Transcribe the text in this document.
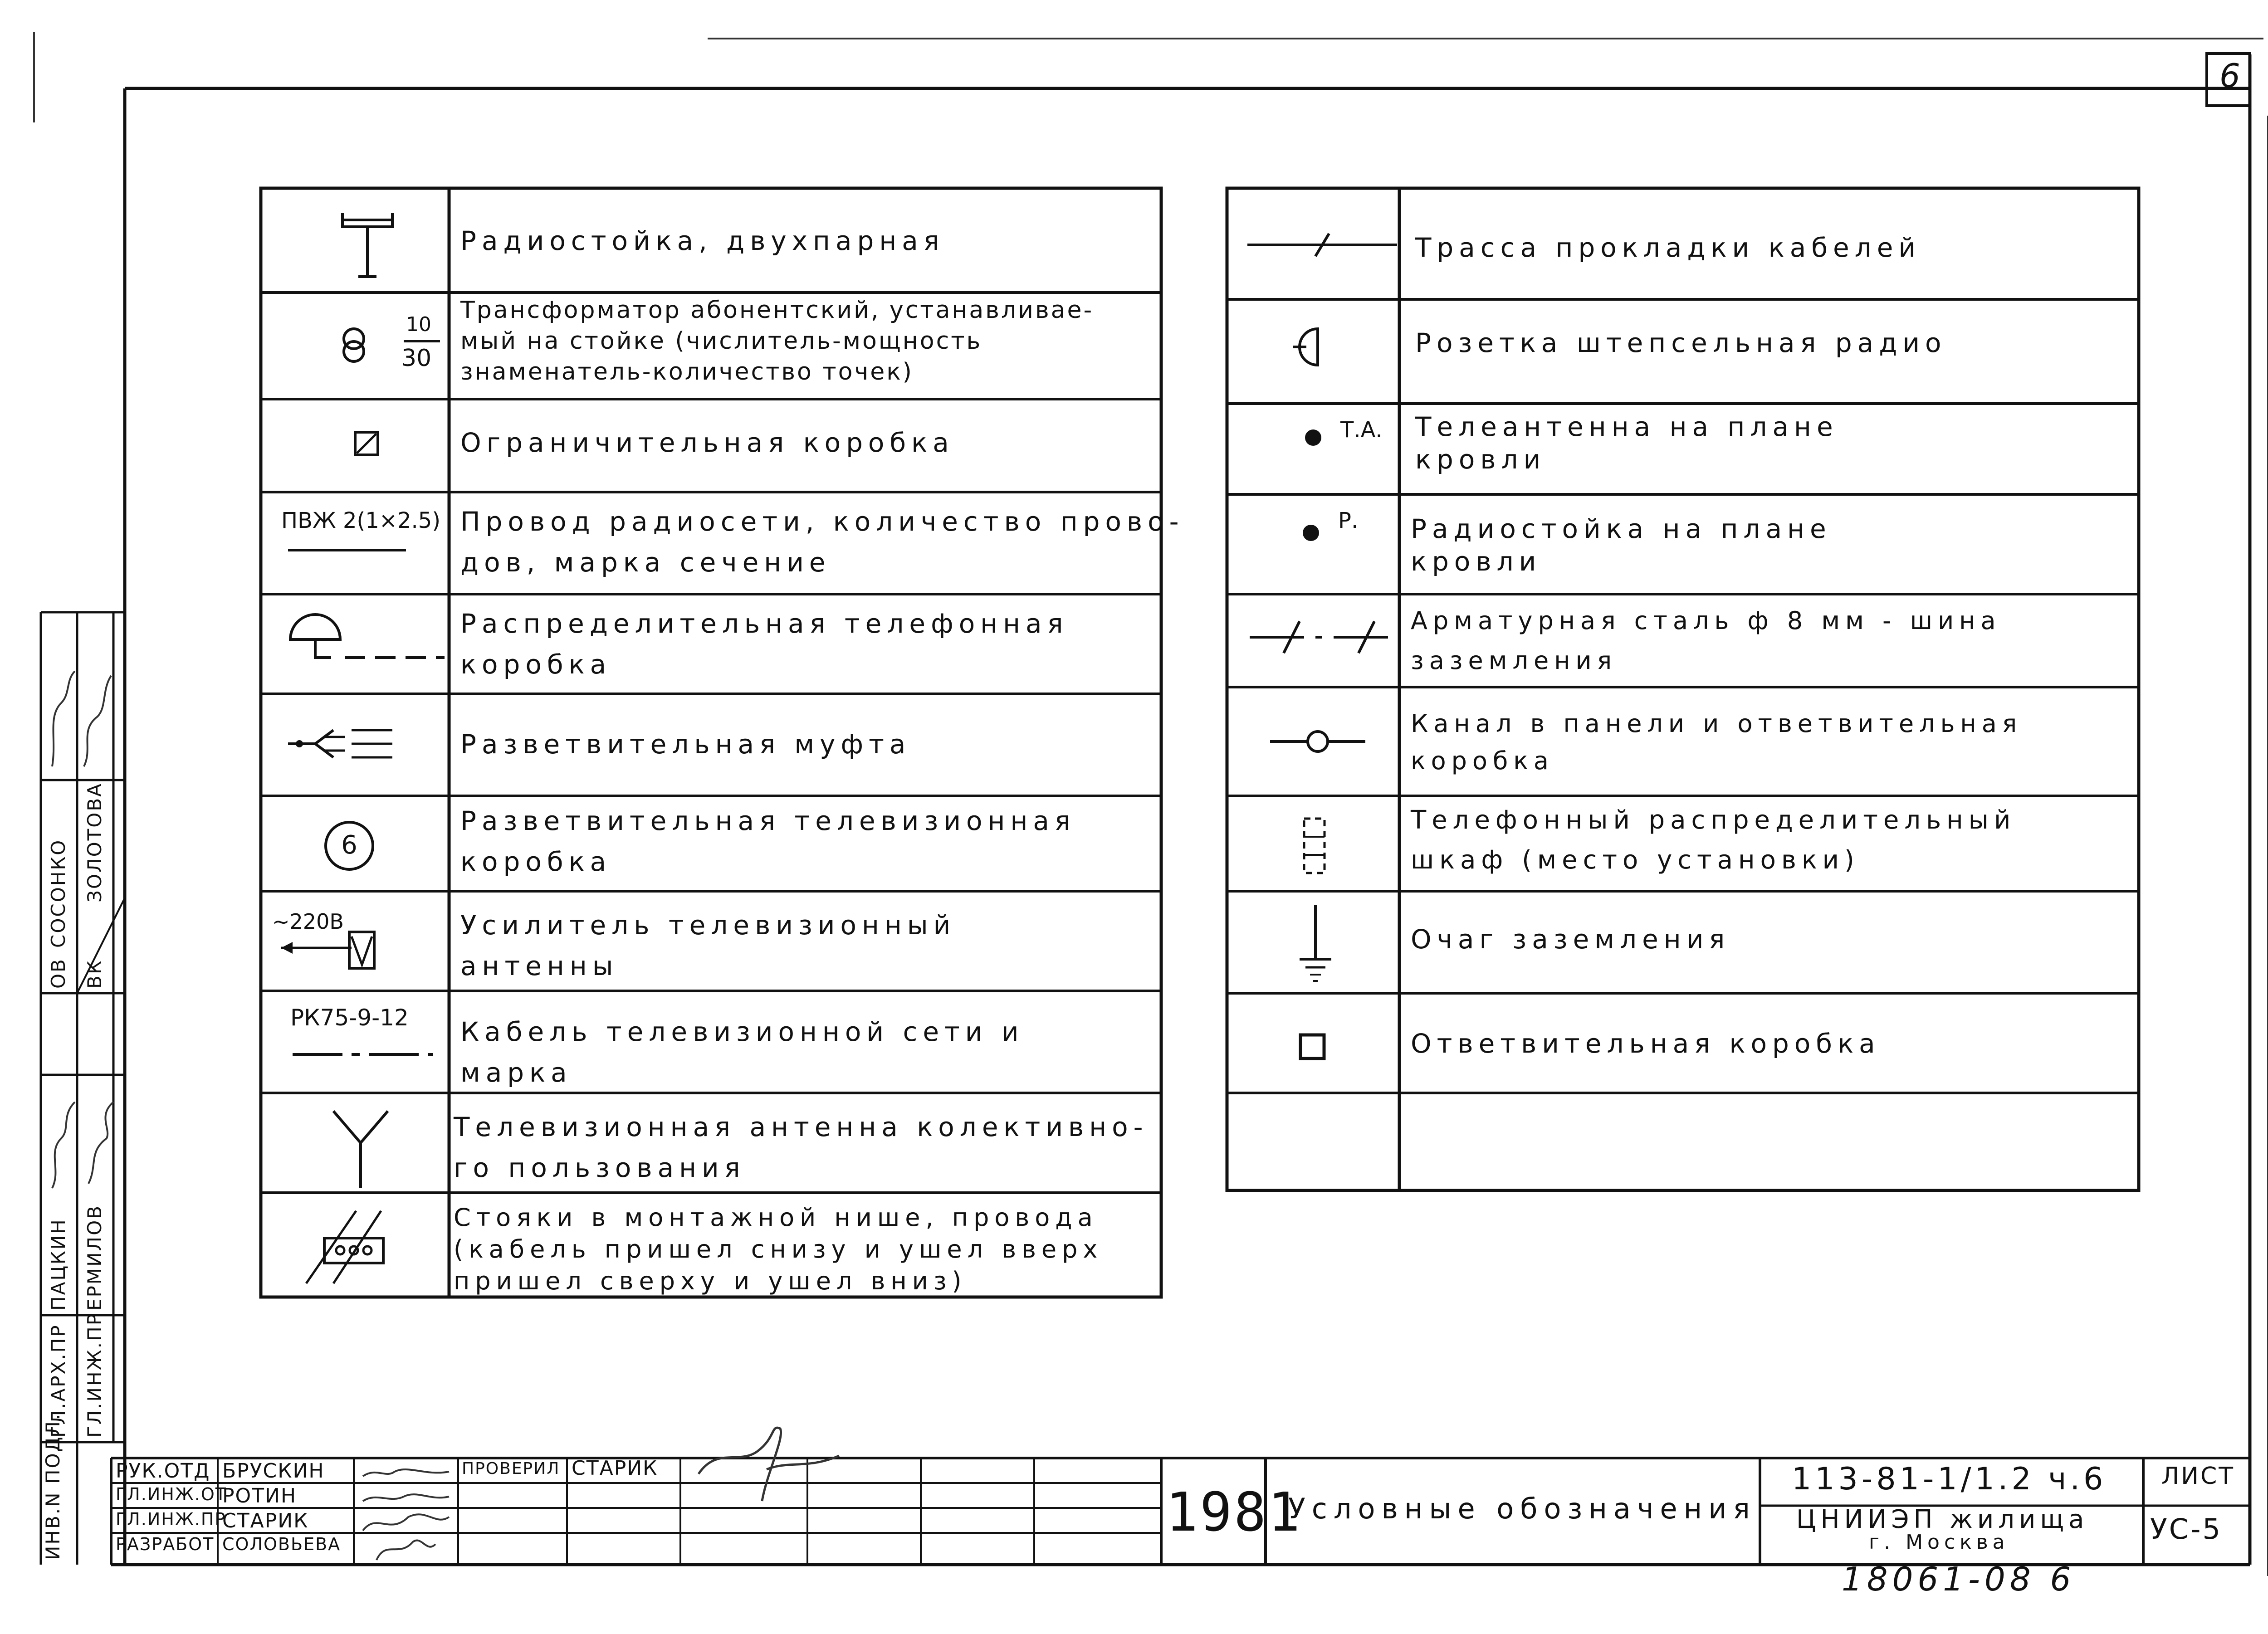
10
30
ПВЖ 2(1×2.5)
6
~220В
РК75-9-12
Радиостойка, двухпарная
Трансформатор абонентский, устанавливае-
мый на стойке (числитель-мощность
знаменатель-количество точек)
Ограничительная коробка
Провод радиосети, количество прово-
дов, марка сечение
Распределительная телефонная
коробка
Разветвительная муфта
Разветвительная телевизионная
коробка
Усилитель телевизионный
антенны
Кабель телевизионной сети и
марка
Телевизионная антенна колективно-
го пользования
Стояки в монтажной нише, провода
(кабель пришел снизу и ушел вверх
пришел сверху и ушел вниз)
Т.А.
Р.
Трасса прокладки кабелей
Розетка штепсельная радио
Телеантенна на плане
кровли
Радиостойка на плане
кровли
Арматурная сталь ф 8 мм - шина
заземления
Канал в панели и ответвительная
коробка
Телефонный распределительный
шкаф (место установки)
Очаг заземления
Ответвительная коробка
6
ИНВ.N ПОДЛ.
ГЛ.АРХ.ПР ГЛ.ИНЖ.ПР
ПАЦКИН ЕРМИЛОВ
ОВ ВК
СОСОНКО ЗОЛОТОВА
РУК.ОТД
ГЛ.ИНЖ.ОТ
ГЛ.ИНЖ.ПР
РАЗРАБОТ
БРУСКИН
РОТИН
СТАРИК
СОЛОВЬЕВА
ПРОВЕРИЛ СТАРИК
1981
Условные обозначения
113-81-1/1.2 ч.6
ЦНИИЭП жилища
г. Москва
ЛИСТ
УС-5
18061-08 6
